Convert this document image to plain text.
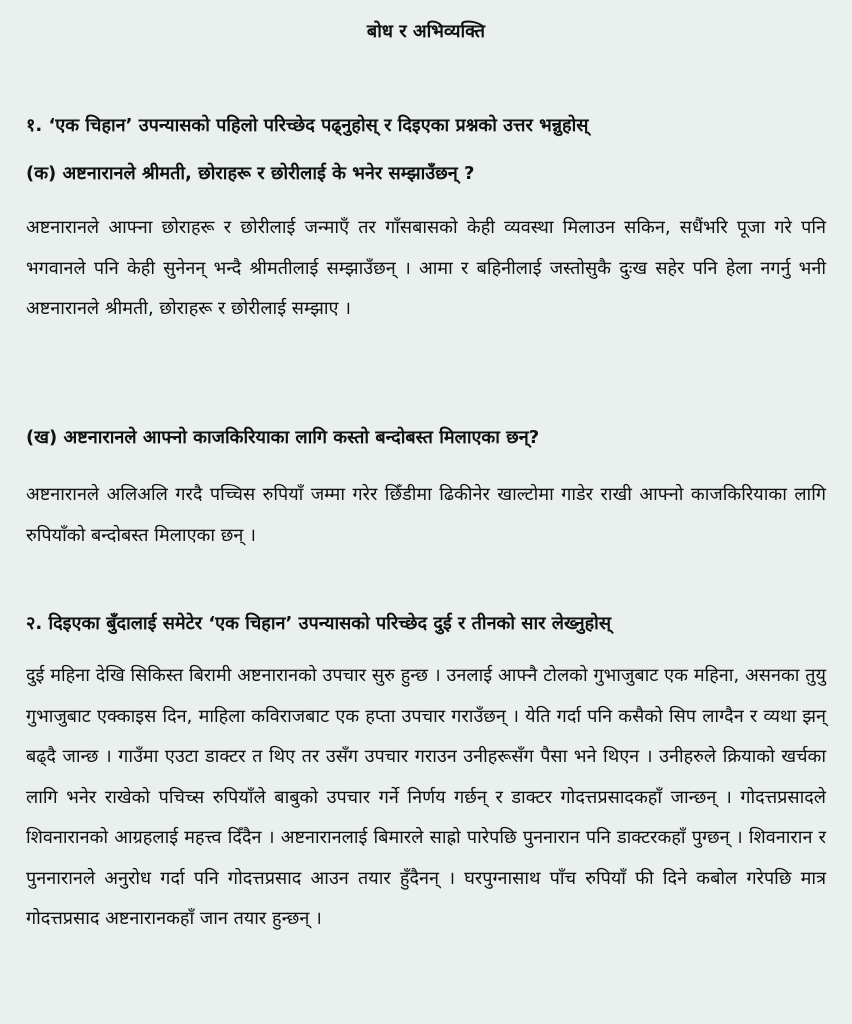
बोध र अभिव्यक्ति
१. ‘एक चिहान’ उपन्यासको पहिलो परिच्छेद पढ्नुहोस् र दिइएका प्रश्नको उत्तर भन्नुहोस्
(क) अष्टनारानले श्रीमती, छोराहरू र छोरीलाई के भनेर सम्झाउँछन् ?
अष्टनारानले आफ्ना छोराहरू र छोरीलाई जन्माएँ तर गाँसबासको केही व्यवस्था मिलाउन सकिन, सधैंभरि पूजा गरे पनि भगवानले पनि केही सुनेनन् भन्दै श्रीमतीलाई सम्झाउँछन् । आमा र बहिनीलाई जस्तोसुकै दुःख सहेर पनि हेला नगर्नु भनी अष्टनारानले श्रीमती, छोराहरू र छोरीलाई सम्झाए ।
(ख) अष्टनारानले आफ्नो काजकिरियाका लागि कस्तो बन्दोबस्त मिलाएका छन्?
अष्टनारानले अलिअलि गरदै पच्चिस रुपियाँ जम्मा गरेर छिँडीमा ढिकीनेर खाल्टोमा गाडेर राखी आफ्नो काजकिरियाका लागि रुपियाँको बन्दोबस्त मिलाएका छन् ।
२. दिइएका बुँदालाई समेटेर ‘एक चिहान’ उपन्यासको परिच्छेद दुई र तीनको सार लेख्नुहोस्
दुई महिना देखि सिकिस्त बिरामी अष्टनारानको उपचार सुरु हुन्छ । उनलाई आफ्नै टोलको गुभाजुबाट एक महिना, असनका तुयु गुभाजुबाट एक्काइस दिन, माहिला कविराजबाट एक हप्ता उपचार गराउँछन् । येति गर्दा पनि कसैको सिप लाग्दैन र व्यथा झन् बढ्दै जान्छ । गाउँमा एउटा डाक्टर त थिए तर उसँग उपचार गराउन उनीहरूसँग पैसा भने थिएन । उनीहरुले क्रियाको खर्चका लागि भनेर राखेको पचिच्स रुपियाँले बाबुको उपचार गर्ने निर्णय गर्छन् र डाक्टर गोदत्तप्रसादकहाँ जान्छन् । गोदत्तप्रसादले शिवनारानको आग्रहलाई महत्त्व दिँदैन । अष्टनारानलाई बिमारले साह्रो पारेपछि पुननारान पनि डाक्टरकहाँ पुग्छन् । शिवनारान र पुननारानले अनुरोध गर्दा पनि गोदत्तप्रसाद आउन तयार हुँदैनन् । घरपुग्नासाथ पाँच रुपियाँ फी दिने कबोल गरेपछि मात्र गोदत्तप्रसाद अष्टनारानकहाँ जान तयार हुन्छन् ।
